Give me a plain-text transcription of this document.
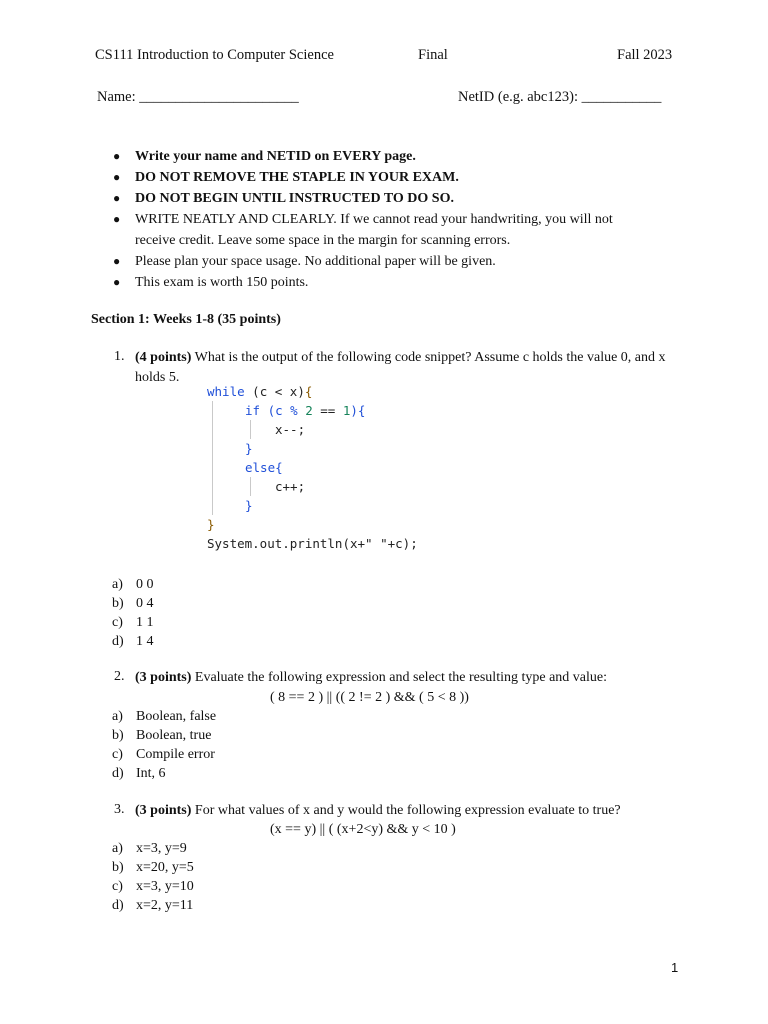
CS111 Introduction to Computer Science	Final	Fall 2023
Name: ______________________	NetID (e.g. abc123): ___________
● Write your name and NETID on EVERY page.
● DO NOT REMOVE THE STAPLE IN YOUR EXAM.
● DO NOT BEGIN UNTIL INSTRUCTED TO DO SO.
● WRITE NEATLY AND CLEARLY. If we cannot read your handwriting, you will not
receive credit. Leave some space in the margin for scanning errors.
● Please plan your space usage. No additional paper will be given.
● This exam is worth 150 points.
Section 1: Weeks 1-8 (35 points)
1. (4 points) What is the output of the following code snippet? Assume c holds the value 0, and x
holds 5.
while (c < x){
if (c % 2 == 1){
x--;
}
else{
c++;
}
}
System.out.println(x+" "+c);
a) 0 0
b) 0 4
c) 1 1
d) 1 4
2. (3 points) Evaluate the following expression and select the resulting type and value:
( 8 == 2 ) || (( 2 != 2 ) && ( 5 < 8 ))
a) Boolean, false
b) Boolean, true
c) Compile error
d) Int, 6
3. (3 points) For what values of x and y would the following expression evaluate to true?
(x == y) || ( (x+2<y) && y < 10 )
a) x=3, y=9
b) x=20, y=5
c) x=3, y=10
d) x=2, y=11
1
